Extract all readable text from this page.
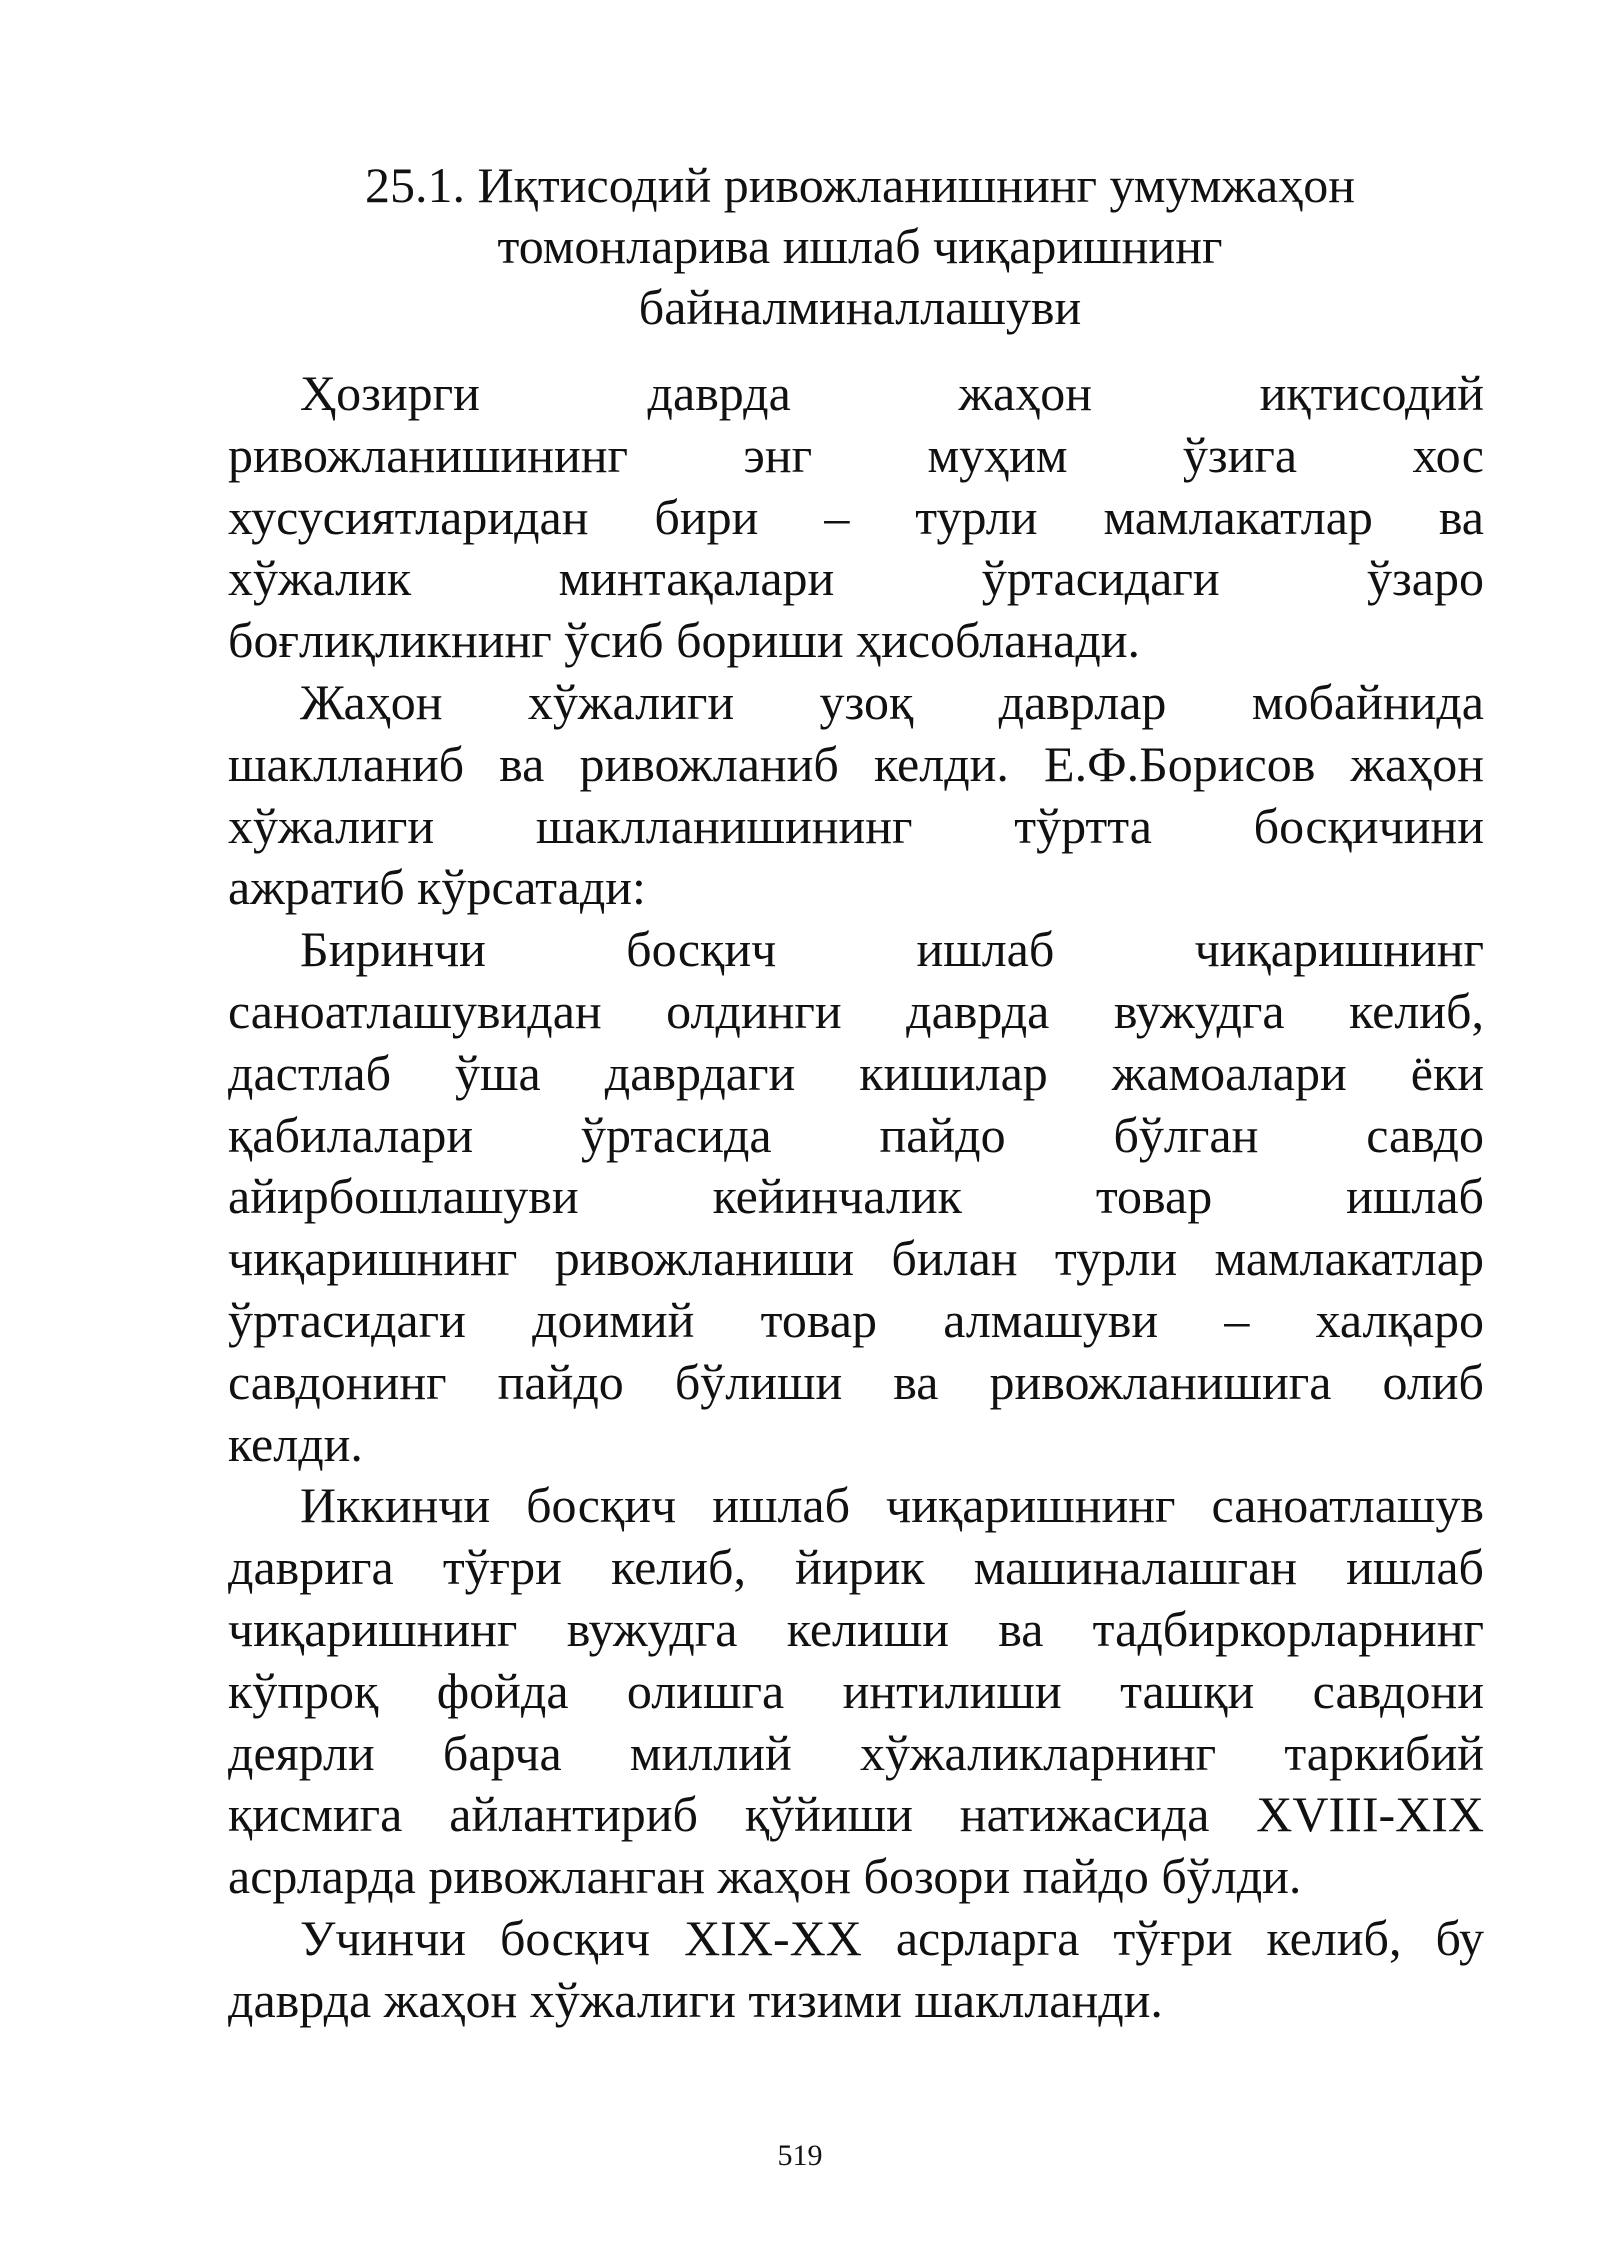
25.1. Иқтисодий ривожланишнинг умумжаҳон
томонларива ишлаб чиқаришнинг
байналминаллашуви

Ҳозирги даврда жаҳон иқтисодий
ривожланишининг энг муҳим ўзига хос
хусусиятларидан бири – турли мамлакатлар ва
хўжалик минтақалари ўртасидаги ўзаро
боғлиқликнинг ўсиб бориши ҳисобланади.

Жаҳон хўжалиги узоқ даврлар мобайнида
шаклланиб ва ривожланиб келди. Е.Ф.Борисов жаҳон
хўжалиги шаклланишининг тўртта босқичини
ажратиб кўрсатади:

Биринчи босқич ишлаб чиқаришнинг
саноатлашувидан олдинги даврда вужудга келиб,
дастлаб ўша даврдаги кишилар жамоалари ёки
қабилалари ўртасида пайдо бўлган савдо
айирбошлашуви кейинчалик товар ишлаб
чиқаришнинг ривожланиши билан турли мамлакатлар
ўртасидаги доимий товар алмашуви – халқаро
савдонинг пайдо бўлиши ва ривожланишига олиб
келди.

Иккинчи босқич ишлаб чиқаришнинг саноатлашув
даврига тўғри келиб, йирик машиналашган ишлаб
чиқаришнинг вужудга келиши ва тадбиркорларнинг
кўпроқ фойда олишга интилиши ташқи савдони
деярли барча миллий хўжаликларнинг таркибий
қисмига айлантириб қўйиши натижасида XVIII-XIX
асрларда ривожланган жаҳон бозори пайдо бўлди.

Учинчи босқич XIX-XX асрларга тўғри келиб, бу
даврда жаҳон хўжалиги тизими шаклланди.

519
